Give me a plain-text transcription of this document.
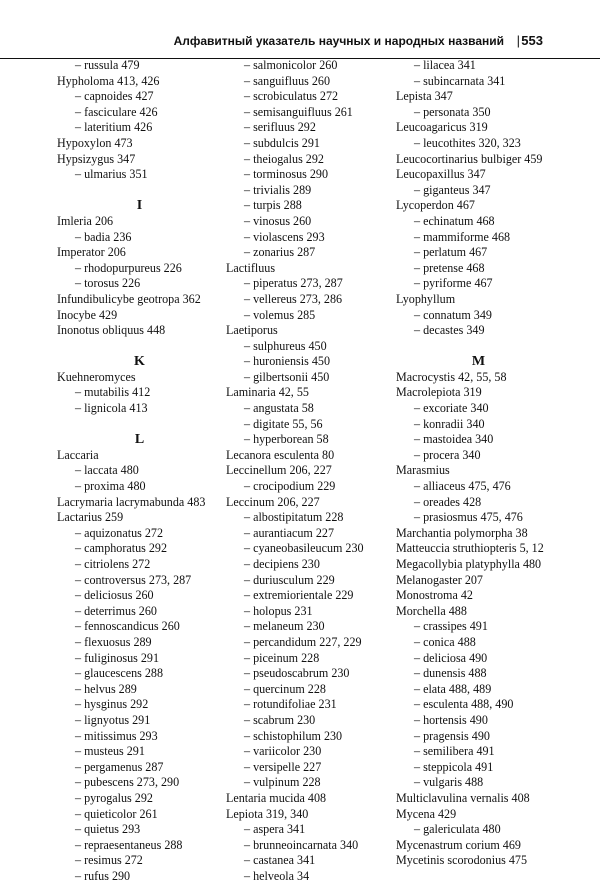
Алфавитный указатель научных и народных названий | 553
– russula 479
Hypholoma 413, 426
– capnoides 427
– fasciculare 426
– lateritium 426
Hypoxylon 473
Hypsizygus 347
– ulmarius 351
I
Imleria 206
– badia 236
Imperator 206
– rhodopurpureus 226
– torosus 226
Infundibulicybe geotropa 362
Inocybe 429
Inonotus obliquus 448
K
Kuehneromyces
– mutabilis 412
– lignicola 413
L
Laccaria
– laccata 480
– proxima 480
Lacrymaria lacrymabunda 483
Lactarius 259
– aquizonatus 272
– camphoratus 292
– citriolens 272
– controversus 273, 287
– deliciosus 260
– deterrimus 260
– fennoscandicus 260
– flexuosus 289
– fuliginosus 291
– glaucescens 288
– helvus 289
– hysginus 292
– lignyotus 291
– mitissimus 293
– musteus 291
– pergamenus 287
– pubescens 273, 290
– pyrogalus 292
– quieticolor 261
– quietus 293
– repraesentaneus 288
– resimus 272
– rufus 290
– salmonicolor 260
– sanguifluus 260
– scrobiculatus 272
– semisanguifluus 261
– serifluus 292
– subdulcis 291
– theiogalus 292
– torminosus 290
– trivialis 289
– turpis 288
– vinosus 260
– violascens 293
– zonarius 287
Lactifluus
– piperatus 273, 287
– vellereus 273, 286
– volemus 285
Laetiporus
– sulphureus 450
– huroniensis 450
– gilbertsonii 450
Laminaria 42, 55
– angustata 58
– digitate 55, 56
– hyperborean 58
Lecanora esculenta 80
Leccinellum 206, 227
– crocipodium 229
Leccinum 206, 227
– albostipitatum 228
– aurantiacum 227
– cyaneobasileucum 230
– decipiens 230
– duriusculum 229
– extremiorientale 229
– holopus 231
– melaneum 230
– percandidum 227, 229
– piceinum 228
– pseudoscabrum 230
– quercinum 228
– rotundifoliae 231
– scabrum 230
– schistophilum 230
– variicolor 230
– versipelle 227
– vulpinum 228
Lentaria mucida 408
Lepiota 319, 340
– aspera 341
– brunneoincarnata 340
– castanea 341
– helveola 34
– lilacea 341
– subincarnata 341
Lepista 347
– personata 350
Leucoagaricus 319
– leucothites 320, 323
Leucocortinarius bulbiger 459
Leucopaxillus 347
– giganteus 347
Lycoperdon 467
– echinatum 468
– mammiforme 468
– perlatum 467
– pretense 468
– pyriforme 467
Lyophyllum
– connatum 349
– decastes 349
M
Macrocystis 42, 55, 58
Macrolepiota 319
– excoriate 340
– konradii 340
– mastoidea 340
– procera 340
Marasmius
– alliaceus 475, 476
– oreades 428
– prasiosmus 475, 476
Marchantia polymorpha 38
Matteuccia struthiopteris 5, 12
Megacollybia platyphylla 480
Melanogaster 207
Monostroma 42
Morchella 488
– crassipes 491
– conica 488
– deliciosa 490
– dunensis 488
– elata 488, 489
– esculenta 488, 490
– hortensis 490
– pragensis 490
– semilibera 491
– steppicola 491
– vulgaris 488
Multiclavulina vernalis 408
Mycena 429
– galericulata 480
Mycenastrum corium 469
Mycetinis scorodonius 475
